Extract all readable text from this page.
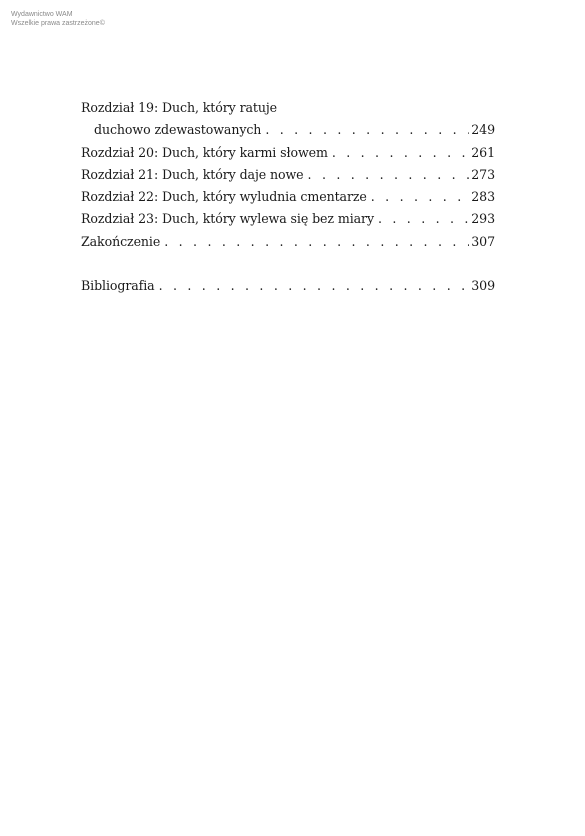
Wydawnictwo WAM
Wszelkie prawa zastrzeżone©
Rozdział 19: Duch, który ratuje
duchowo zdewastowanych . . .	249
Rozdział 20: Duch, który karmi słowem . . .	261
Rozdział 21: Duch, który daje nowe . . .	273
Rozdział 22: Duch, który wyludnia cmentarze . . .	283
Rozdział 23: Duch, który wylewa się bez miary . . .	293
Zakończenie . . .	307
Bibliografia . . .	309
